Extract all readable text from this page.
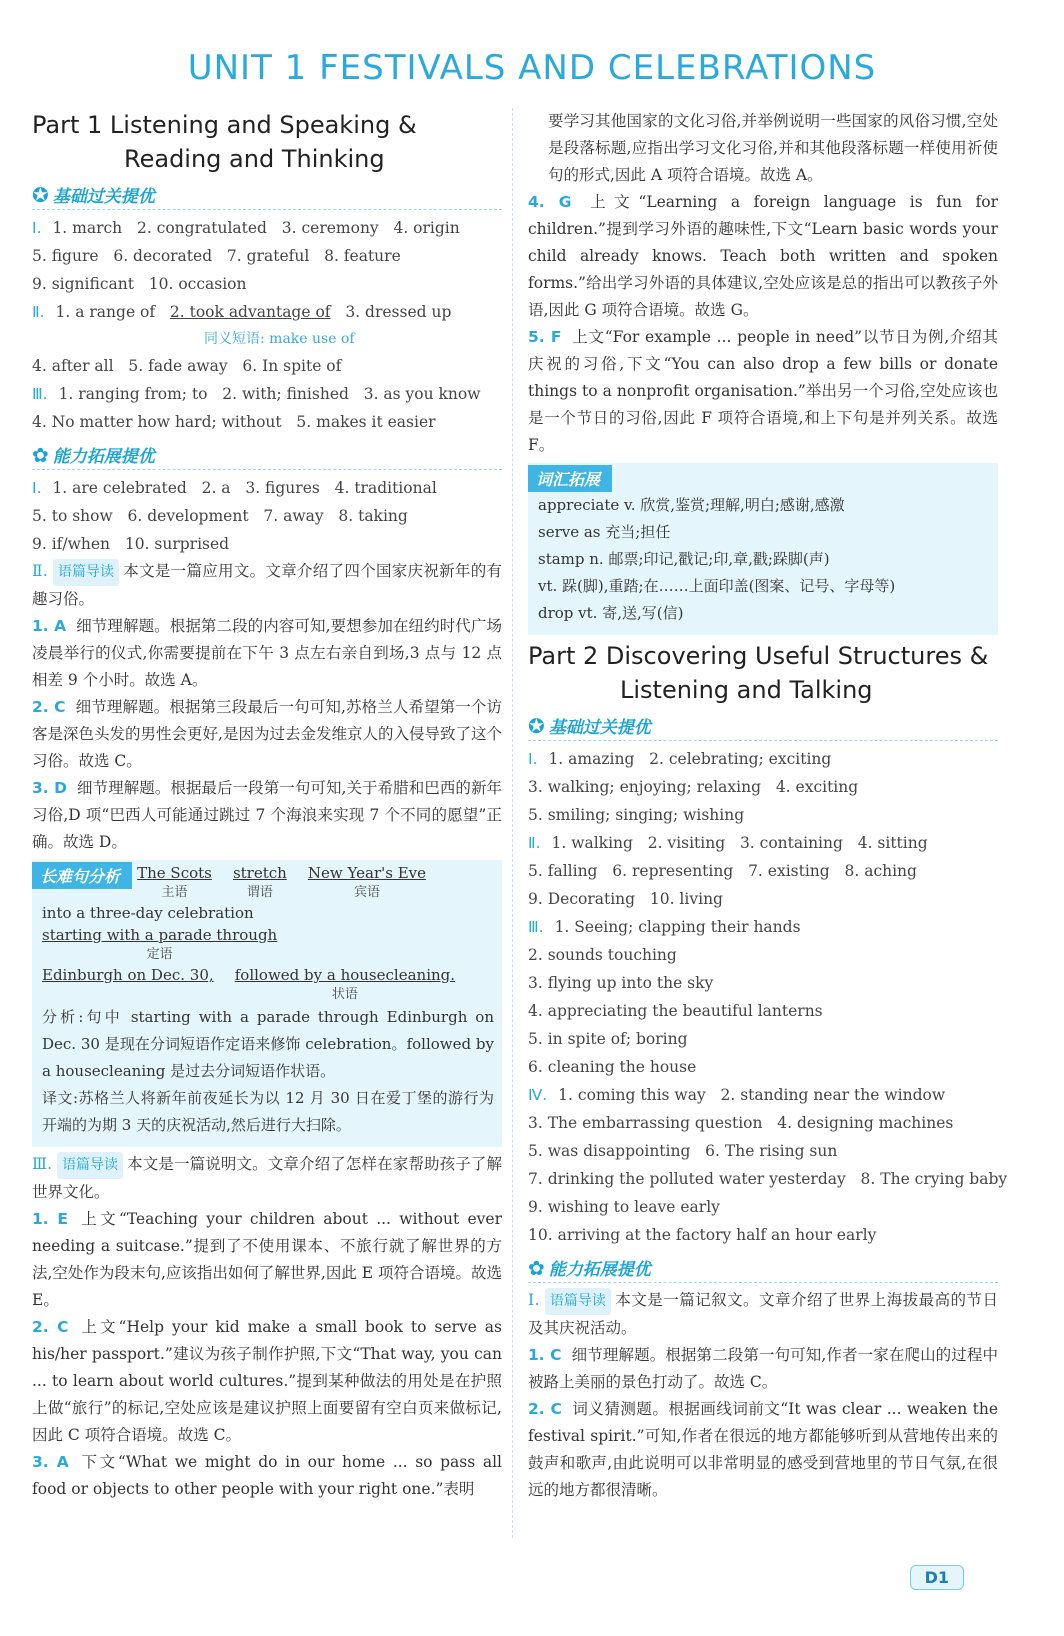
UNIT 1 FESTIVALS AND CELEBRATIONS
Part 1 Listening and Speaking &
Reading and Thinking
✪ 基础过关提优
Ⅰ. 1. march 2. congratulated 3. ceremony 4. origin
5. figure 6. decorated 7. grateful 8. feature
9. significant 10. occasion
Ⅱ. 1. a range of 2. took advantage of 3. dressed up
同义短语: make use of
4. after all 5. fade away 6. In spite of
Ⅲ. 1. ranging from; to 2. with; finished 3. as you know
4. No matter how hard; without 5. makes it easier
✿ 能力拓展提优
Ⅰ. 1. are celebrated 2. a 3. figures 4. traditional
5. to show 6. development 7. away 8. taking
9. if/when 10. surprised
Ⅱ. 语篇导读 本文是一篇应用文。文章介绍了四个国家庆祝新年的有趣习俗。
1. A 细节理解题。根据第二段的内容可知,要想参加在纽约时代广场凌晨举行的仪式,你需要提前在下午 3 点左右亲自到场,3 点与 12 点相差 9 个小时。故选 A。
2. C 细节理解题。根据第三段最后一句可知,苏格兰人希望第一个访客是深色头发的男性会更好,是因为过去金发维京人的入侵导致了这个习俗。故选 C。
3. D 细节理解题。根据最后一段第一句可知,关于希腊和巴西的新年习俗,D 项“巴西人可能通过跳过 7 个海浪来实现 7 个不同的愿望”正确。故选 D。
长难句分析 The Scots
主语

stretch
谓语

New Year's Eve
宾语
into a three-day celebration

starting with a parade through
定语
Edinburgh on Dec. 30,
followed by a housecleaning.
状语
分析:句中 starting with a parade through Edinburgh on Dec. 30 是现在分词短语作定语来修饰 celebration。followed by a housecleaning 是过去分词短语作状语。
译文:苏格兰人将新年前夜延长为以 12 月 30 日在爱丁堡的游行为开端的为期 3 天的庆祝活动,然后进行大扫除。
Ⅲ. 语篇导读 本文是一篇说明文。文章介绍了怎样在家帮助孩子了解世界文化。
1. E 上文“Teaching your children about ... without ever needing a suitcase.”提到了不使用课本、不旅行就了解世界的方法,空处作为段末句,应该指出如何了解世界,因此 E 项符合语境。故选 E。
2. C 上文“Help your kid make a small book to serve as his/her passport.”建议为孩子制作护照,下文“That way, you can ... to learn about world cultures.”提到某种做法的用处是在护照上做“旅行”的标记,空处应该是建议护照上面要留有空白页来做标记,因此 C 项符合语境。故选 C。
3. A 下文“What we might do in our home ... so pass all food or objects to other people with your right one.”表明
要学习其他国家的文化习俗,并举例说明一些国家的风俗习惯,空处是段落标题,应指出学习文化习俗,并和其他段落标题一样使用祈使句的形式,因此 A 项符合语境。故选 A。
4. G 上文“Learning a foreign language is fun for children.”提到学习外语的趣味性,下文“Learn basic words your child already knows. Teach both written and spoken forms.”给出学习外语的具体建议,空处应该是总的指出可以教孩子外语,因此 G 项符合语境。故选 G。
5. F 上文“For example ... people in need”以节日为例,介绍其庆祝的习俗,下文“You can also drop a few bills or donate things to a nonprofit organisation.”举出另一个习俗,空处应该也是一个节日的习俗,因此 F 项符合语境,和上下句是并列关系。故选 F。
词汇拓展
appreciate v. 欣赏,鉴赏;理解,明白;感谢,感激
serve as 充当;担任
stamp n. 邮票;印记,戳记;印,章,戳;跺脚(声)
vt. 跺(脚),重踏;在……上面印盖(图案、记号、字母等)
drop vt. 寄,送,写(信)
Part 2 Discovering Useful Structures &
Listening and Talking
✪ 基础过关提优
Ⅰ. 1. amazing 2. celebrating; exciting
3. walking; enjoying; relaxing 4. exciting
5. smiling; singing; wishing
Ⅱ. 1. walking 2. visiting 3. containing 4. sitting
5. falling 6. representing 7. existing 8. aching
9. Decorating 10. living
Ⅲ. 1. Seeing; clapping their hands
2. sounds touching
3. flying up into the sky
4. appreciating the beautiful lanterns
5. in spite of; boring
6. cleaning the house
Ⅳ. 1. coming this way 2. standing near the window
3. The embarrassing question 4. designing machines
5. was disappointing 6. The rising sun
7. drinking the polluted water yesterday 8. The crying baby
9. wishing to leave early
10. arriving at the factory half an hour early
✿ 能力拓展提优
Ⅰ. 语篇导读 本文是一篇记叙文。文章介绍了世界上海拔最高的节日及其庆祝活动。
1. C 细节理解题。根据第二段第一句可知,作者一家在爬山的过程中被路上美丽的景色打动了。故选 C。
2. C 词义猜测题。根据画线词前文“It was clear ... weaken the festival spirit.”可知,作者在很远的地方都能够听到从营地传出来的鼓声和歌声,由此说明可以非常明显的感受到营地里的节日气氛,在很远的地方都很清晰。
D1
